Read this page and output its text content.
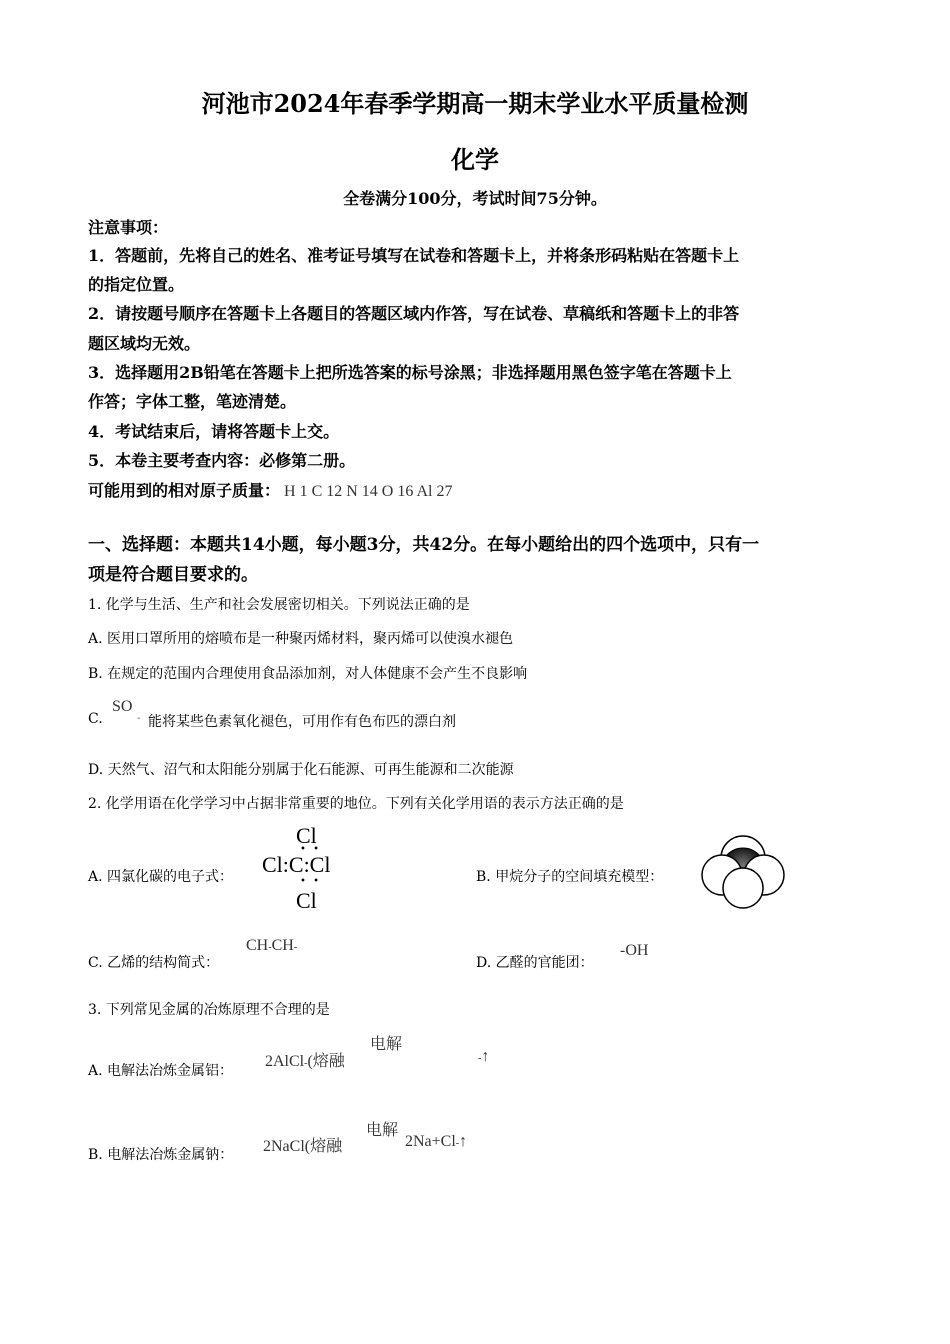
河池市2024年春季学期高一期末学业水平质量检测
化学
全卷满分100分，考试时间75分钟。
注意事项：
1．答题前，先将自己的姓名、准考证号填写在试卷和答题卡上，并将条形码粘贴在答题卡上
的指定位置。
2．请按题号顺序在答题卡上各题目的答题区域内作答，写在试卷、草稿纸和答题卡上的非答
题区域均无效。
3．选择题用2B铅笔在答题卡上把所选答案的标号涂黑；非选择题用黑色签字笔在答题卡上
作答；字体工整，笔迹清楚。
4．考试结束后，请将答题卡上交。
5．本卷主要考查内容：必修第二册。
可能用到的相对原子质量： H 1 C 12 N 14 O 16 Al 27
一、选择题：本题共14小题，每小题3分，共42分。在每小题给出的四个选项中，只有一
项是符合题目要求的。
1. 化学与生活、生产和社会发展密切相关。下列说法正确的是
A. 医用口罩所用的熔喷布是一种聚丙烯材料，聚丙烯可以使溴水褪色
B. 在规定的范围内合理使用食品添加剂，对人体健康不会产生不良影响
C.
SO
‑ 能将某些色素氧化褪色，可用作有色布匹的漂白剂
D. 天然气、沼气和太阳能分别属于化石能源、可再生能源和二次能源
2. 化学用语在化学学习中占据非常重要的地位。下列有关化学用语的表示方法正确的是
A. 四氯化碳的电子式：
Cl
Cl:C:Cl
Cl
• •
• •	B. 甲烷分子的空间填充模型：
C. 乙烯的结构简式：
CH‑CH‑
D. 乙醛的官能团：
-OH
3. 下列常见金属的冶炼原理不合理的是
A. 电解法冶炼金属铝：
2AlCl‑(熔融
电解
‑↑
B. 电解法冶炼金属钠： 2NaCl(熔融
电解
2Na+Cl‑↑
